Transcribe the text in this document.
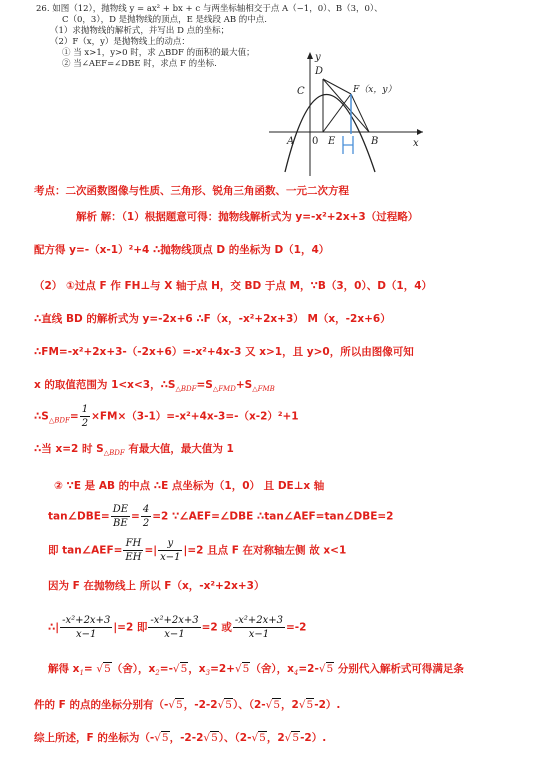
26. 如图（12），抛物线 y = ax² + bx + c 与两坐标轴相交于点 A（−1，0）、B（3，0）、
C（0，3），D 是抛物线的顶点，E 是线段 AB 的中点.
（1）求抛物线的解析式，并写出 D 点的坐标；
（2）F（x，y）是抛物线上的动点：
① 当 x>1，y>0 时，求 △BDF 的面积的最大值；
② 当∠AEF=∠DBE 时，求点 F 的坐标.
y
D
C	F（x，y）
A 0 E	B	x
考点：二次函数图像与性质、三角形、锐角三角函数、一元二次方程
解析 解：（1）根据题意可得：抛物线解析式为 y=-x²+2x+3（过程略）
配方得 y=-（x-1）²+4 ∴抛物线顶点 D 的坐标为 D（1，4）
（2） ①过点 F 作 FH⊥与 X 轴于点 H，交 BD 于点 M，∵B（3，0）、D（1，4）
∴直线 BD 的解析式为 y=-2x+6 ∴F（x，-x²+2x+3） M（x，-2x+6）
∴FM=-x²+2x+3-（-2x+6）=-x²+4x-3 又 x>1，且 y>0，所以由图像可知
x 的取值范围为 1<x<3，$\therefore S_{\triangle BDF}=S_{\triangle FMD}+S_{\triangle FMB}$
$\therefore S_{\triangle BDF}= \frac{1}{2} \times FM\times(3-1)=-x^2+4x-3=-(x-2)^2+1$
∴当 x=2 时 $S_{\triangle BDF}$ 有最大值，最大值为 1
② ∵E 是 AB 的中点 ∴E 点坐标为（1，0） 且 DE⊥x 轴
tan∠DBE= $\frac{DE}{BE} = \frac{4}{2} =2$ ∵∠AEF=∠DBE ∴tan∠AEF=tan∠DBE=2
即 tan∠AEF= $\frac{FH}{EH}$ =| $\frac{y}{x-1} |=2$ 且点 F 在对称轴左侧 故 x<1
因为 F 在抛物线上 所以 F（x，-x²+2x+3）
∴| $\frac{\text{-x²+2x+3}}{x-1} |=2$ 即 $\frac{\text{-x²+2x+3}}{x-1} =2$ 或 $\frac{\text{-x²+2x+3}}{x-1} =-2$
解得 $x_1= √5$（舍），$x_2=-√5$，$x_3=2+√5$（舍），$x_4=2-√5$ 分别代入解析式可得满足条
件的 F 的点的坐标分别有（-√5，-2-2√5）、（2-√5，2√5-2）.
综上所述，F 的坐标为（-√5，-2-2√5）、（2-√5，2√5-2）.
